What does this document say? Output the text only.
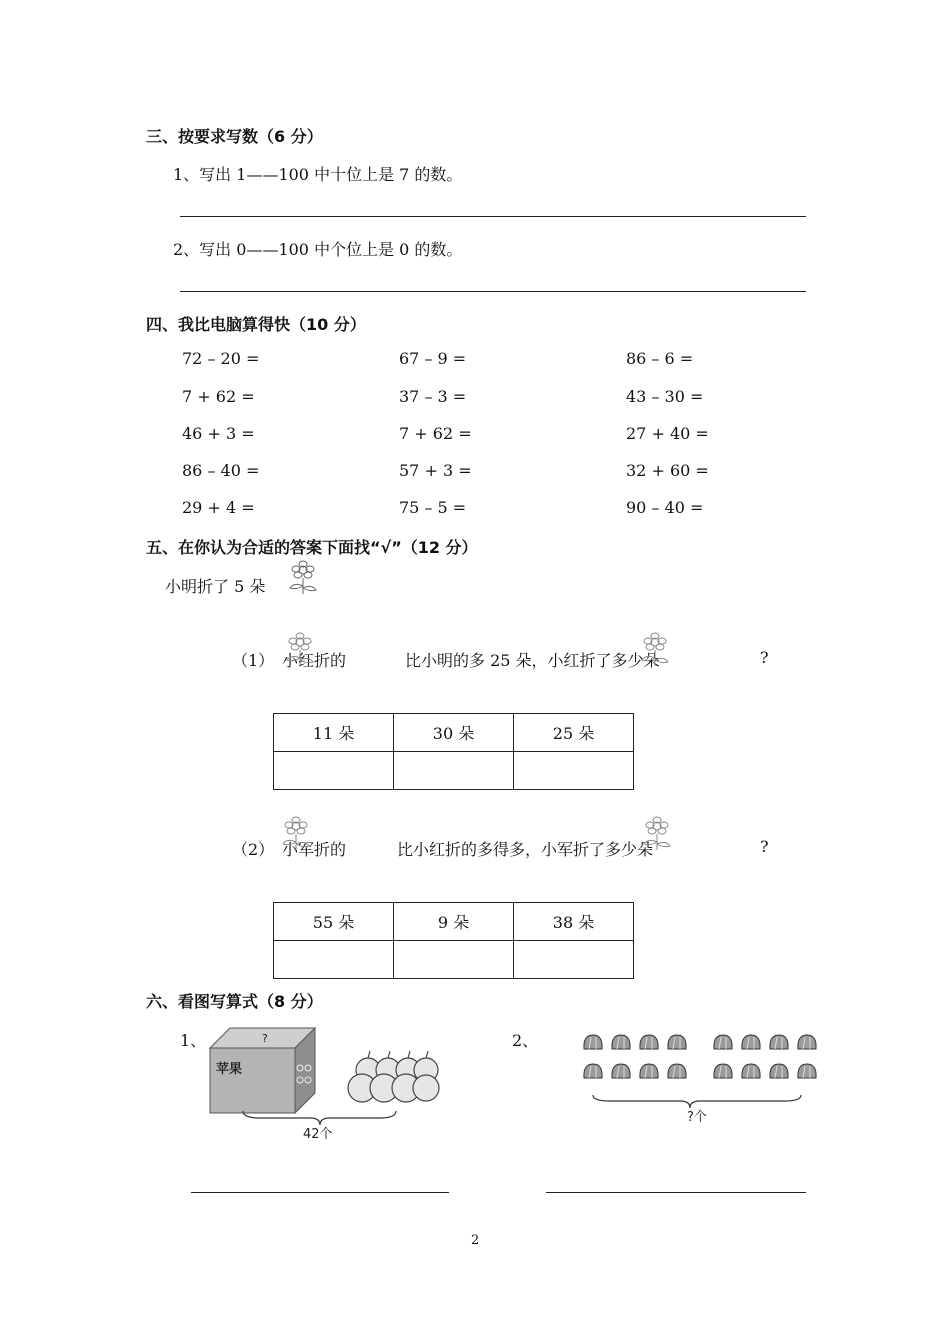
三、按要求写数（6 分）
1、写出 1——100 中十位上是 7 的数。
2、写出 0——100 中个位上是 0 的数。
四、我比电脑算得快（10 分）
72 – 20 =	67 – 9 =	86 – 6 =
7 + 62 =	37 – 3 =	43 – 30 =
46 + 3 =	7 + 62 =	27 + 40 =
86 – 40 =	57 + 3 =	32 + 60 =
29 + 4 =	75 – 5 =	90 – 40 =
五、在你认为合适的答案下面找“√”（12 分）
小明折了 5 朵
（1） 小红折的	比小明的多 25 朵，小红折了多少朵	?
11 朵	30 朵	25 朵

（2） 小军折的	比小红折的多得多，小军折了多少朵	?
55 朵	9 朵	38 朵

六、看图写算式（8 分）
1、	?
苹果
42个
2、
?个
2
